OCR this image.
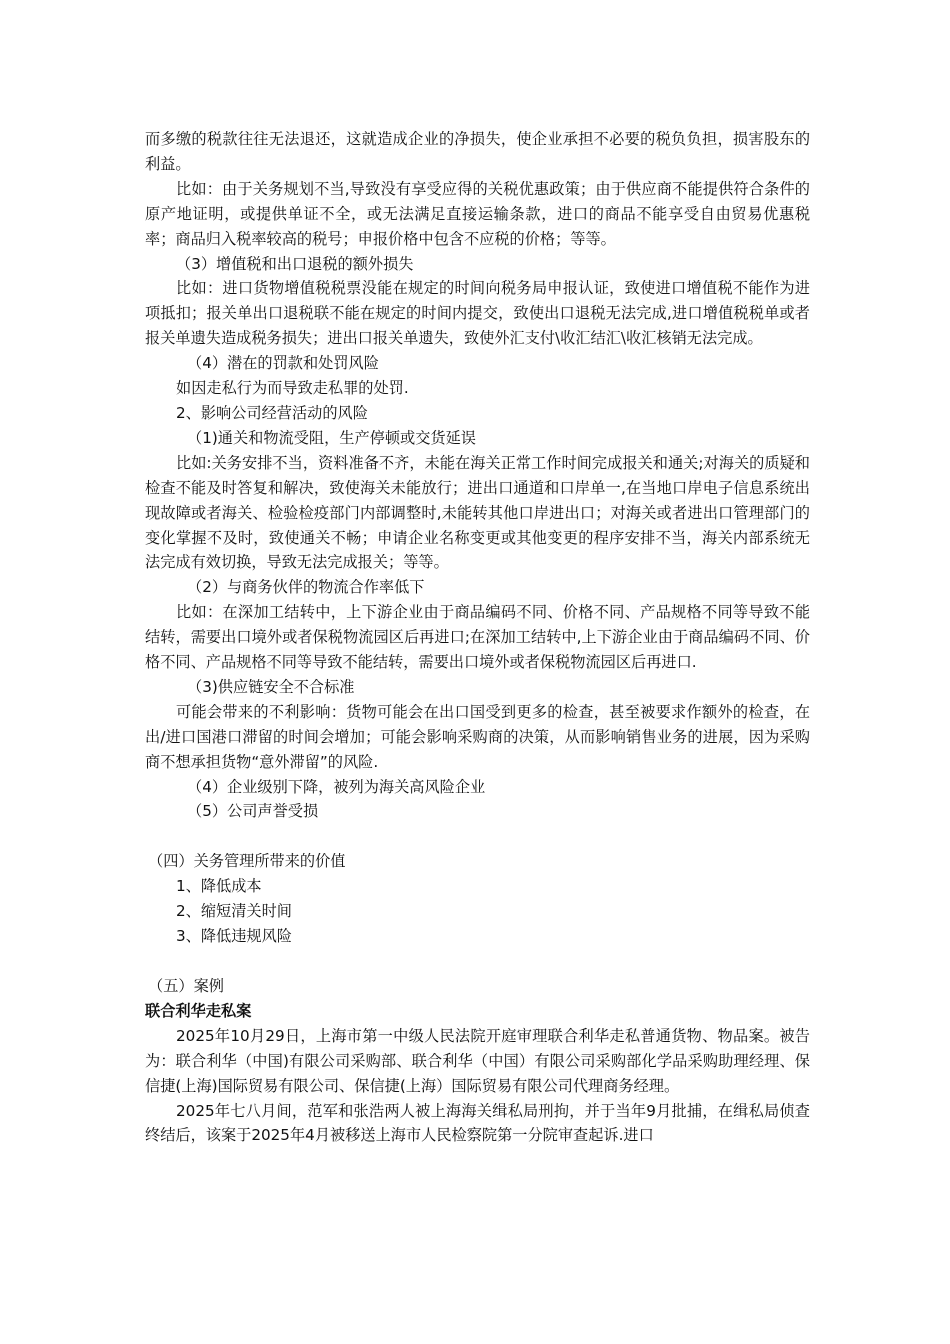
而多缴的税款往往无法退还，这就造成企业的净损失，使企业承担不必要的税负负担，损害股东的利益。

比如：由于关务规划不当,导致没有享受应得的关税优惠政策；由于供应商不能提供符合条件的原产地证明，或提供单证不全，或无法满足直接运输条款，进口的商品不能享受自由贸易优惠税率；商品归入税率较高的税号；申报价格中包含不应税的价格；等等。

（3）增值税和出口退税的额外损失

比如：进口货物增值税税票没能在规定的时间向税务局申报认证，致使进口增值税不能作为进项抵扣；报关单出口退税联不能在规定的时间内提交，致使出口退税无法完成,进口增值税税单或者报关单遗失造成税务损失；进出口报关单遗失，致使外汇支付\收汇结汇\收汇核销无法完成。

（4）潜在的罚款和处罚风险

如因走私行为而导致走私罪的处罚.

2、影响公司经营活动的风险

（1)通关和物流受阻，生产停顿或交货延误

比如:关务安排不当，资料准备不齐，未能在海关正常工作时间完成报关和通关;对海关的质疑和检查不能及时答复和解决，致使海关未能放行；进出口通道和口岸单一,在当地口岸电子信息系统出现故障或者海关、检验检疫部门内部调整时,未能转其他口岸进出口；对海关或者进出口管理部门的变化掌握不及时，致使通关不畅；申请企业名称变更或其他变更的程序安排不当，海关内部系统无法完成有效切换，导致无法完成报关；等等。

（2）与商务伙伴的物流合作率低下

比如：在深加工结转中，上下游企业由于商品编码不同、价格不同、产品规格不同等导致不能结转，需要出口境外或者保税物流园区后再进口;在深加工结转中,上下游企业由于商品编码不同、价格不同、产品规格不同等导致不能结转，需要出口境外或者保税物流园区后再进口.

（3)供应链安全不合标准

可能会带来的不利影响：货物可能会在出口国受到更多的检查，甚至被要求作额外的检查，在出/进口国港口滞留的时间会增加；可能会影响采购商的决策，从而影响销售业务的进展，因为采购商不想承担货物“意外滞留”的风险.

（4）企业级别下降，被列为海关高风险企业

（5）公司声誉受损

（四）关务管理所带来的价值

1、降低成本

2、缩短清关时间

3、降低违规风险

（五）案例

联合利华走私案

2025年10月29日，上海市第一中级人民法院开庭审理联合利华走私普通货物、物品案。被告为：联合利华（中国)有限公司采购部、联合利华（中国）有限公司采购部化学品采购助理经理、保信捷(上海)国际贸易有限公司、保信捷(上海）国际贸易有限公司代理商务经理。

2025年七八月间，范军和张浩两人被上海海关缉私局刑拘，并于当年9月批捕，在缉私局侦查终结后，该案于2025年4月被移送上海市人民检察院第一分院审查起诉.进口
